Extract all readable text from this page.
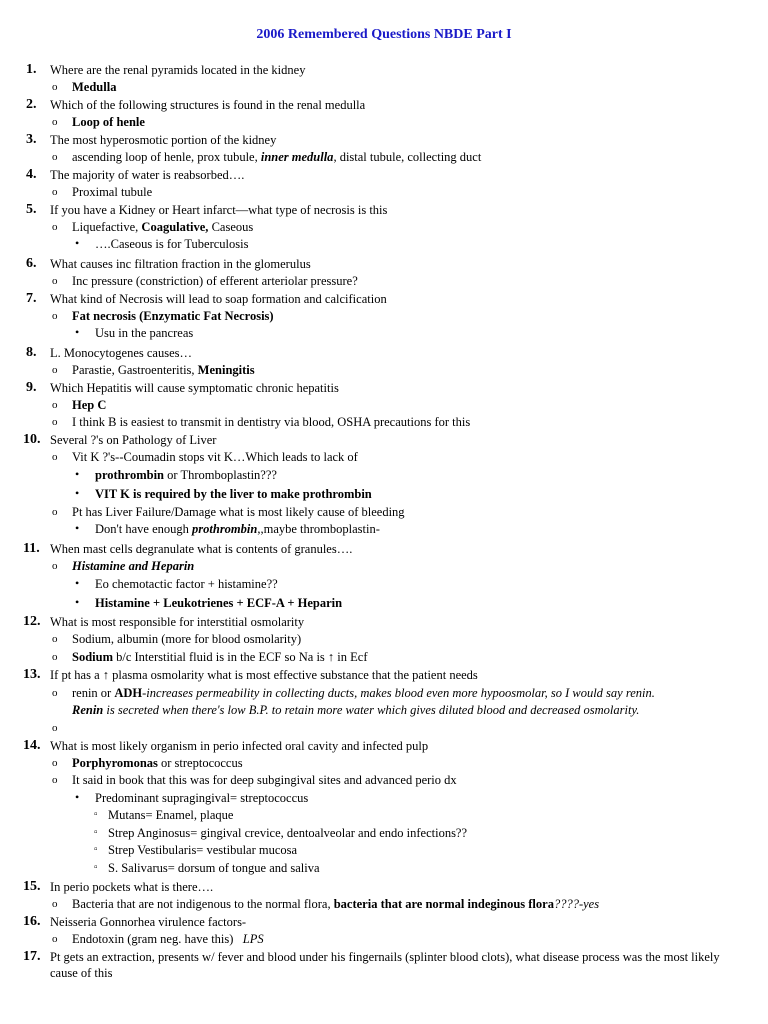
2006 Remembered Questions NBDE Part I
1. Where are the renal pyramids located in the kidney
o Medulla
2. Which of the following structures is found in the renal medulla
o Loop of henle
3. The most hyperosmotic portion of the kidney
o ascending loop of henle, prox tubule, inner medulla, distal tubule, collecting duct
4. The majority of water is reabsorbed….
o Proximal tubule
5. If you have a Kidney or Heart infarct—what type of necrosis is this
o Liquefactive, Coagulative, Caseous
• ….Caseous is for Tuberculosis
6. What causes inc filtration fraction in the glomerulus
o Inc pressure (constriction) of efferent arteriolar pressure?
7. What kind of Necrosis will lead to soap formation and calcification
o Fat necrosis (Enzymatic Fat Necrosis)
• Usu in the pancreas
8. L. Monocytogenes causes…
o Parastie, Gastroenteritis, Meningitis
9. Which Hepatitis will cause symptomatic chronic hepatitis
o Hep C
o I think B is easiest to transmit in dentistry via blood, OSHA precautions for this
10. Several ?'s on Pathology of Liver
o Vit K ?'s--Coumadin stops vit K…Which leads to lack of
• prothrombin or Thromboplastin???
• VIT K is required by the liver to make prothrombin
o Pt has Liver Failure/Damage what is most likely cause of bleeding
• Don't have enough prothrombin,,maybe thromboplastin-
11. When mast cells degranulate what is contents of granules….
o Histamine and Heparin
• Eo chemotactic factor + histamine??
• Histamine + Leukotrienes + ECF-A + Heparin
12. What is most responsible for interstitial osmolarity
o Sodium, albumin (more for blood osmolarity)
o Sodium b/c Interstitial fluid is in the ECF so Na is ↑ in Ecf
13. If pt has a ↑ plasma osmolarity what is most effective substance that the patient needs
o renin or ADH-increases permeability in collecting ducts, makes blood even more hypoosmolar, so I would say renin.
Renin is secreted when there's low B.P. to retain more water which gives diluted blood and decreased osmolarity.
o
14. What is most likely organism in perio infected oral cavity and infected pulp
o Porphyromonas or streptococcus
o It said in book that this was for deep subgingival sites and advanced perio dx
• Predominant supragingival= streptococcus
▫ Mutans= Enamel, plaque
▫ Strep Anginosus= gingival crevice, dentoalveolar and endo infections??
▫ Strep Vestibularis= vestibular mucosa
▫ S. Salivarus= dorsum of tongue and saliva
15. In perio pockets what is there….
o Bacteria that are not indigenous to the normal flora, bacteria that are normal indeginous flora????-yes
16. Neisseria Gonnorhea virulence factors-
o Endotoxin (gram neg. have this) LPS
17. Pt gets an extraction, presents w/ fever and blood under his fingernails (splinter blood clots), what disease process was the most likely cause of this
